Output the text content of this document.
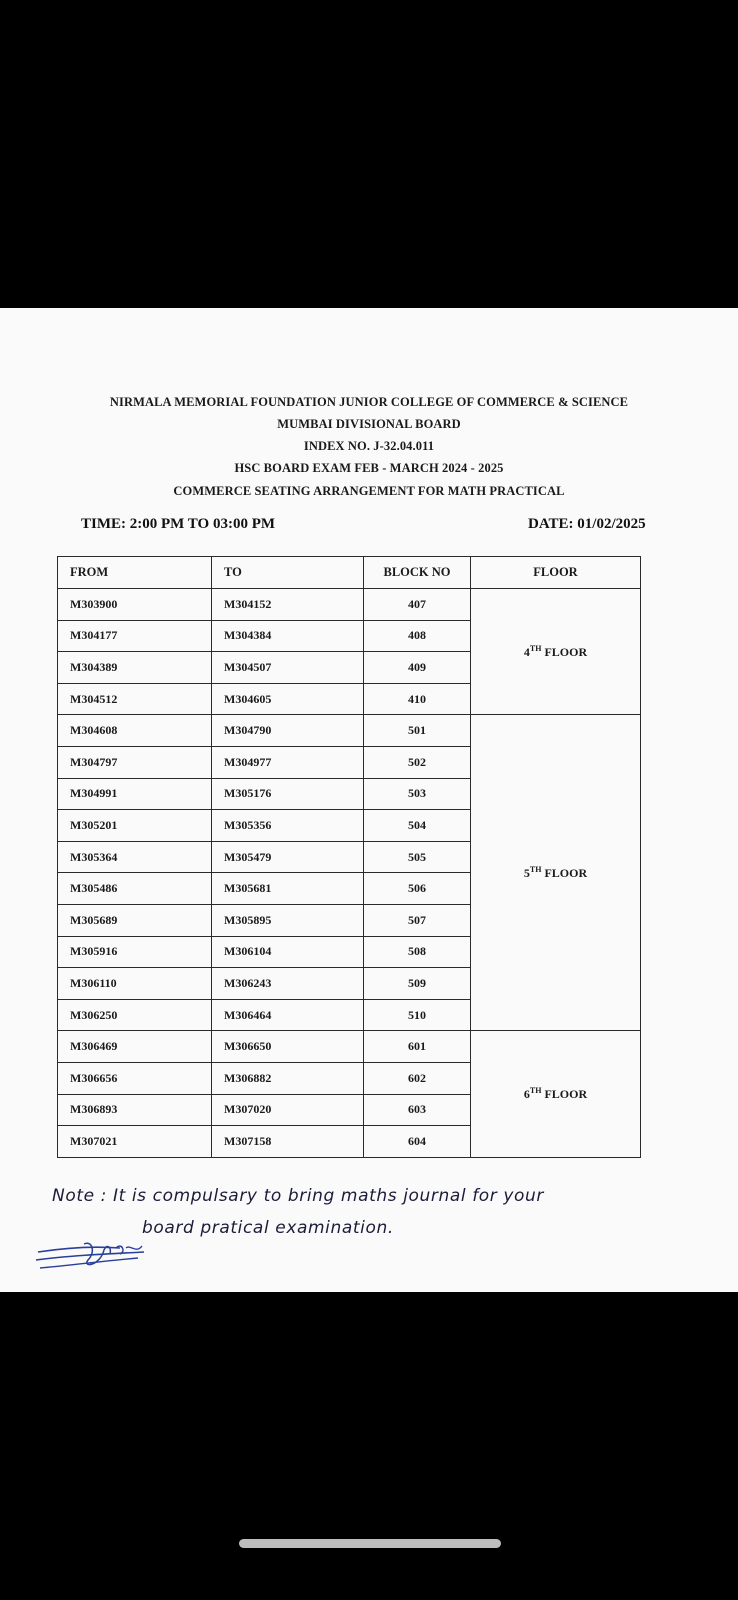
NIRMALA MEMORIAL FOUNDATION JUNIOR COLLEGE OF COMMERCE & SCIENCE
MUMBAI DIVISIONAL BOARD
INDEX NO. J-32.04.011
HSC BOARD EXAM FEB - MARCH 2024 - 2025
COMMERCE SEATING ARRANGEMENT FOR MATH PRACTICAL
TIME: 2:00 PM TO 03:00 PM	DATE: 01/02/2025
FROM	TO	BLOCK NO	FLOOR
M303900	M304152	407	4TH FLOOR
M304177	M304384	408	
M304389	M304507	409	
M304512	M304605	410	
M304608	M304790	501	5TH FLOOR
M304797	M304977	502	
M304991	M305176	503	
M305201	M305356	504	
M305364	M305479	505	
M305486	M305681	506	
M305689	M305895	507	
M305916	M306104	508	
M306110	M306243	509	
M306250	M306464	510	
M306469	M306650	601	6TH FLOOR
M306656	M306882	602	
M306893	M307020	603	
M307021	M307158	604	
Note : It is compulsary to bring maths journal for your
board pratical examination.
